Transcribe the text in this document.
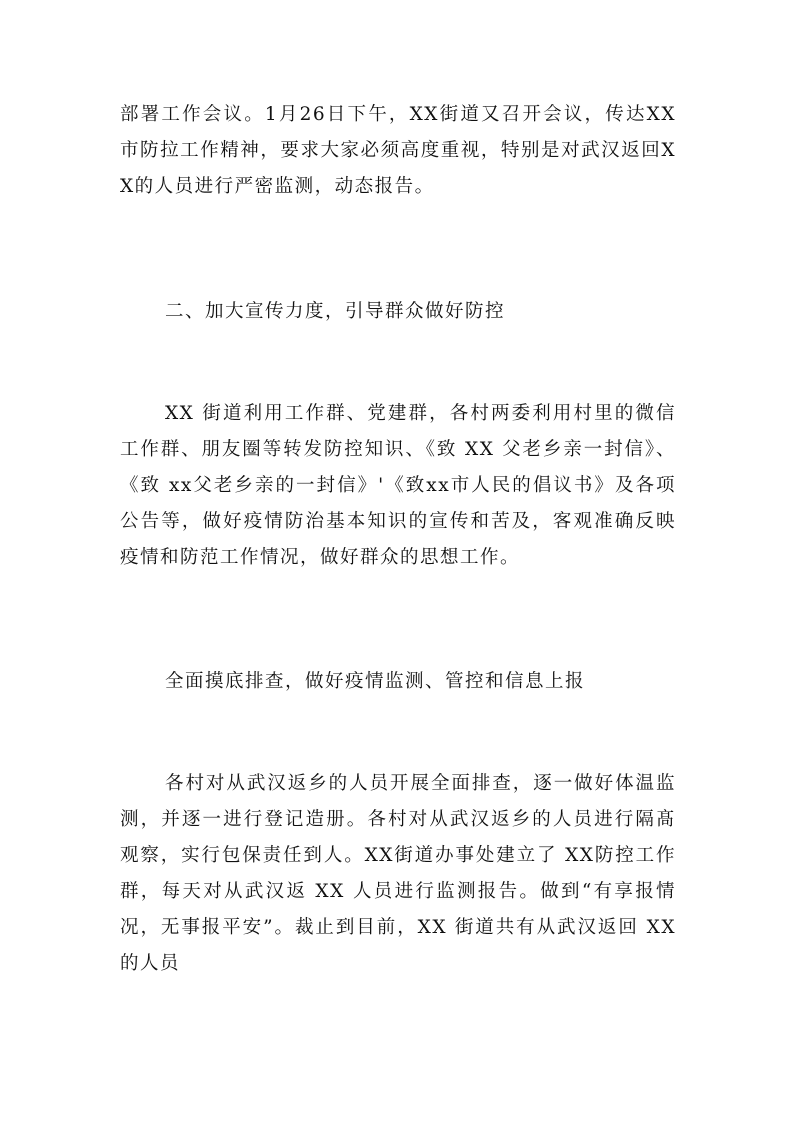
部署工作会议。1月26日下午，XX街道又召开会议，传达XX市防拉工作精神，要求大家必须高度重视，特别是对武汉返回XX的人员进行严密监测，动态报告。

二、加大宣传力度，引导群众做好防控

XX 街道利用工作群、党建群，各村两委利用村里的微信工作群、朋友圈等转发防控知识、《致 XX 父老乡亲一封信》、《致 xx父老乡亲的一封信》'《致xx市人民的倡议书》及各项公告等，做好疫情防治基本知识的宣传和苦及，客观准确反映疫情和防范工作情况，做好群众的思想工作。

全面摸底排查，做好疫情监测、管控和信息上报

各村对从武汉返乡的人员开展全面排查，逐一做好体温监测，并逐一进行登记造册。各村对从武汉返乡的人员进行隔髙观察，实行包保责任到人。XX街道办事处建立了 XX防控工作群，每天对从武汉返 XX 人员进行监测报告。做到“有享报情况，无事报平安”。裁止到目前，XX 街道共有从武汉返回 XX 的人员
